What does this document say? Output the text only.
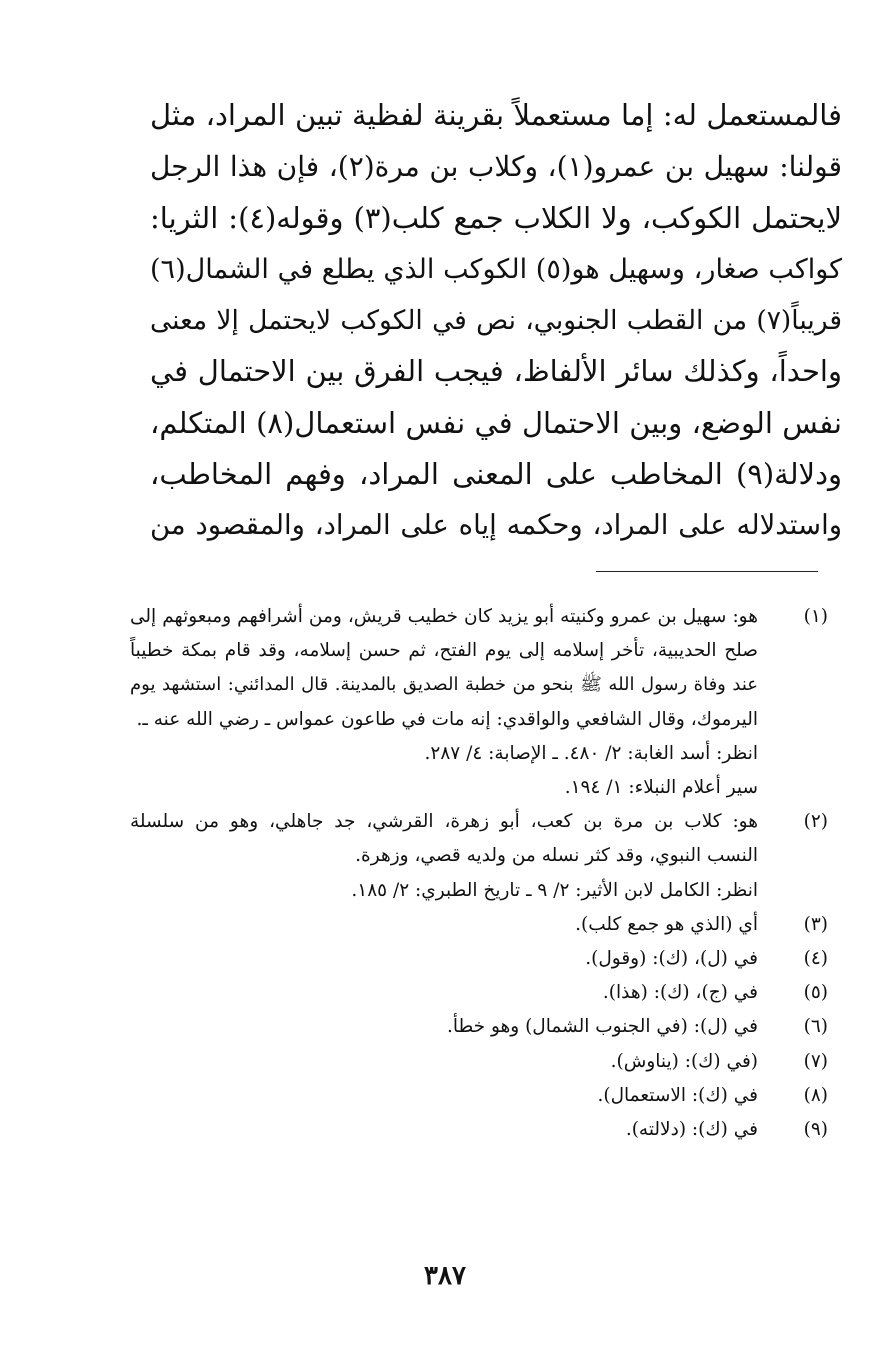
فالمستعمل له: إما مستعملاً بقرينة لفظية تبين المراد، مثل
قولنا: سهيل بن عمرو(١)، وكلاب بن مرة(٢)، فإن هذا الرجل
لايحتمل الكوكب، ولا الكلاب جمع كلب(٣) وقوله(٤): الثريا:
كواكب صغار، وسهيل هو(٥) الكوكب الذي يطلع في الشمال(٦)
قريباً(٧) من القطب الجنوبي، نص في الكوكب لايحتمل إلا معنى
واحداً، وكذلك سائر الألفاظ، فيجب الفرق بين الاحتمال في
نفس الوضع، وبين الاحتمال في نفس استعمال(٨) المتكلم،
ودلالة(٩) المخاطب على المعنى المراد، وفهم المخاطب،
واستدلاله على المراد، وحكمه إياه على المراد، والمقصود من
(١)
هو: سهيل بن عمرو وكنيته أبو يزيد كان خطيب قريش، ومن أشرافهم ومبعوثهم إلى
صلح الحديبية، تأخر إسلامه إلى يوم الفتح، ثم حسن إسلامه، وقد قام بمكة خطيباً
عند وفاة رسول الله ﷺ بنحو من خطبة الصديق بالمدينة. قال المدائني: استشهد يوم
اليرموك، وقال الشافعي والواقدي: إنه مات في طاعون عمواس ـ رضي الله عنه ـ.
انظر: أسد الغابة: ٢/ ٤٨٠. ـ الإصابة: ٤/ ٢٨٧.
سير أعلام النبلاء: ١/ ١٩٤.
(٢)
هو: كلاب بن مرة بن كعب، أبو زهرة، القرشي، جد جاهلي، وهو من سلسلة
النسب النبوي، وقد كثر نسله من ولديه قصي، وزهرة.
انظر: الكامل لابن الأثير: ٢/ ٩ ـ تاريخ الطبري: ٢/ ١٨٥.
(٣)
أي (الذي هو جمع كلب).
(٤)
في (ل)، (ك): (وقول).
(٥)
في (ج)، (ك): (هذا).
(٦)
في (ل): (في الجنوب الشمال) وهو خطأ.
(٧)
(في (ك): (يناوش).
(٨)
في (ك): الاستعمال).
(٩)
في (ك): (دلالته).
٣٨٧
